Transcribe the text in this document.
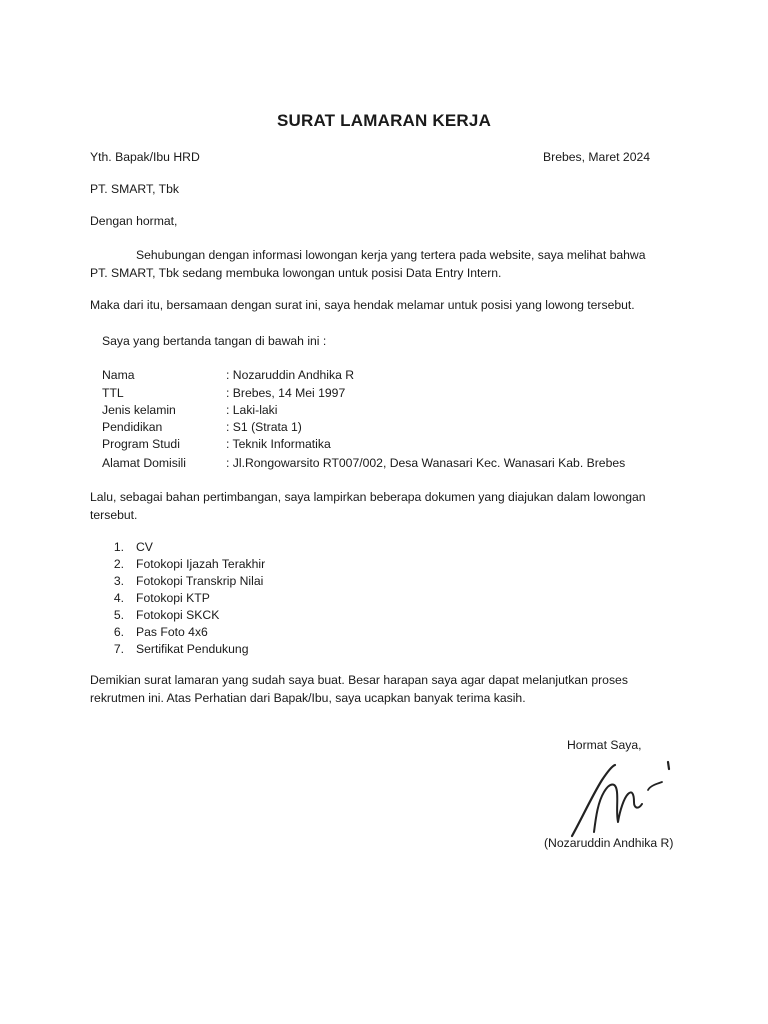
SURAT LAMARAN KERJA
Yth. Bapak/Ibu HRD	Brebes, Maret 2024
PT. SMART, Tbk
Dengan hormat,
Sehubungan dengan informasi lowongan kerja yang tertera pada website, saya melihat bahwa
PT. SMART, Tbk sedang membuka lowongan untuk posisi Data Entry Intern.
Maka dari itu, bersamaan dengan surat ini, saya hendak melamar untuk posisi yang lowong tersebut.
Saya yang bertanda tangan di bawah ini :
Nama	: Nozaruddin Andhika R
TTL	: Brebes, 14 Mei 1997
Jenis kelamin	: Laki-laki
Pendidikan	: S1 (Strata 1)
Program Studi	: Teknik Informatika
Alamat Domisili	: Jl.Rongowarsito RT007/002, Desa Wanasari Kec. Wanasari Kab. Brebes
Lalu, sebagai bahan pertimbangan, saya lampirkan beberapa dokumen yang diajukan dalam lowongan
tersebut.
1. CV
2. Fotokopi Ijazah Terakhir
3. Fotokopi Transkrip Nilai
4. Fotokopi KTP
5. Fotokopi SKCK
6. Pas Foto 4x6
7. Sertifikat Pendukung
Demikian surat lamaran yang sudah saya buat. Besar harapan saya agar dapat melanjutkan proses
rekrutmen ini. Atas Perhatian dari Bapak/Ibu, saya ucapkan banyak terima kasih.
Hormat Saya,
(Nozaruddin Andhika R)
